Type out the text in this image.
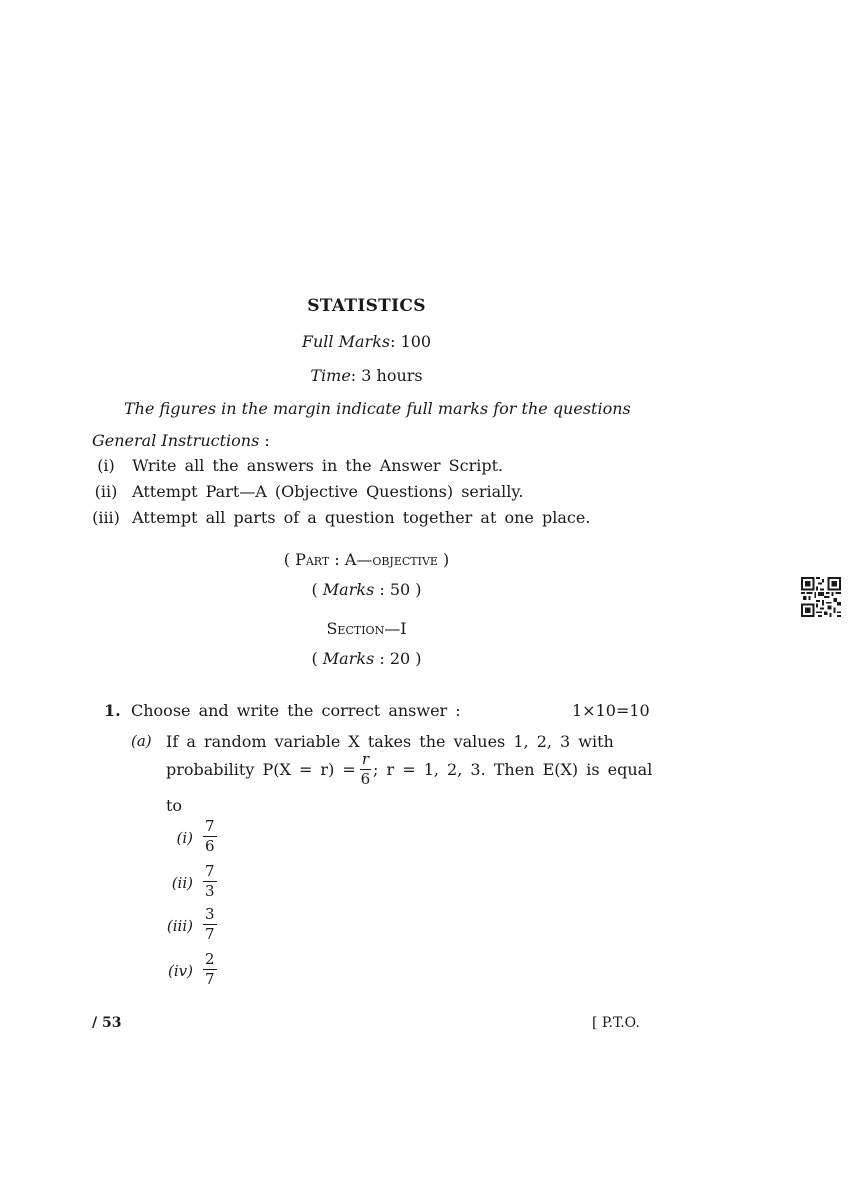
STATISTICS
Full Marks: 100
Time: 3 hours
The figures in the margin indicate full marks for the questions
General Instructions :
(i) Write all the answers in the Answer Script.
(ii) Attempt Part—A (Objective Questions) serially.
(iii) Attempt all parts of a question together at one place.
( Part : A—objective )
( Marks : 50 )
Section—I
( Marks : 20 )
1. Choose and write the correct answer :	1×10=10
(a) If a random variable X takes the values 1, 2, 3 with
probability $P(X = r) = \frac{r}{6}$ ; r = 1, 2, 3. Then E(X) is equal
to
$(i) \frac{7}{6}$
$(ii) \frac{7}{3}$
$(iii) \frac{3}{7}$
$(iv) \frac{2}{7}$
/ 53	[ P.T.O.
